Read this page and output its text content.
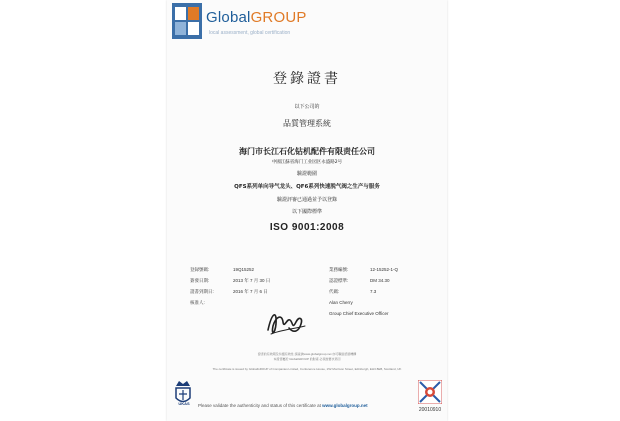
GlobalGROUP
local assessment, global certification
登錄證書
以下公司的
品質管理系統
海门市长江石化钻机配件有限责任公司
中國江蘇省海门工业园区永盛路2号
驗證範圍
QFS系列单向导气龙头、QF6系列快速脱气阀之生产与服务
驗證評審已通過並予以登錄
以下國際標準
ISO 9001:2008
登録號碼:	19Q15252
簽發日期:	2013 年 7 月 30 日
證書到期日:	2016 年 7 月 6 日
核准人:
業務編號:	12-15252-1-Q
認證標準:	DM 34.30
代碼:	7.3
Alan Cherry
Group Chief Executive Officer
證書的有效期及持續有效性 請查詢www.globalgroup.net 亦可聯絡認證機構
本證書屬於 GlobalGROUP 的財產 必須按要求退回
The certificate is issued by GlobalGROUP of Companies Limited, Conference House, 152 Morrison Street, Edinburgh, EH3 8EB, Scotland, UK
UKAS	Please validate the authenticity and status of this certificate at www.globalgroup.net
20010910
